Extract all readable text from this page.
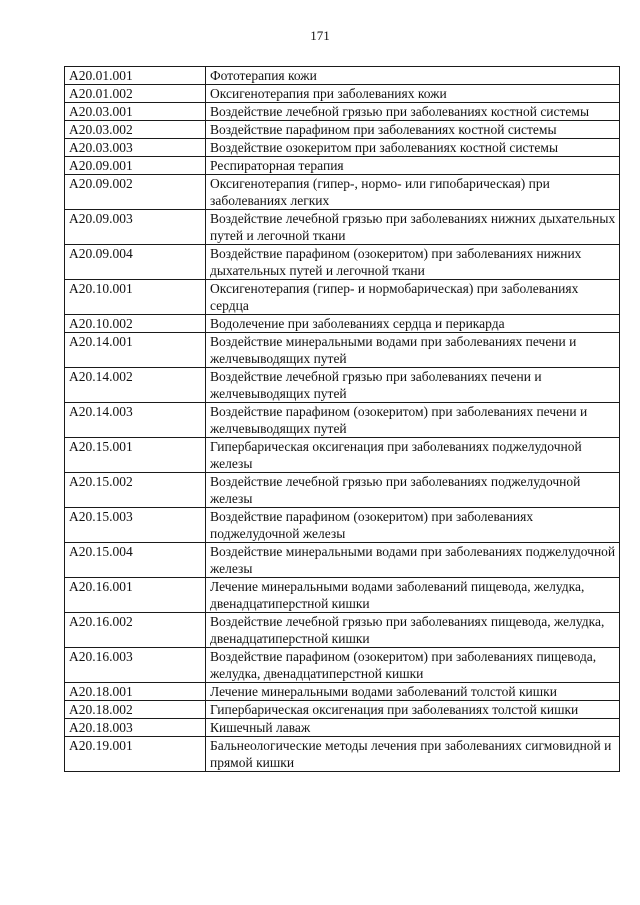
171
A20.01.001	Фототерапия кожи
A20.01.002	Оксигенотерапия при заболеваниях кожи
A20.03.001	Воздействие лечебной грязью при заболеваниях костной системы
A20.03.002	Воздействие парафином при заболеваниях костной системы
A20.03.003	Воздействие озокеритом при заболеваниях костной системы
A20.09.001	Респираторная терапия
A20.09.002	Оксигенотерапия (гипер-, нормо- или гипобарическая) при заболеваниях легких
A20.09.003	Воздействие лечебной грязью при заболеваниях нижних дыхательных путей и легочной ткани
A20.09.004	Воздействие парафином (озокеритом) при заболеваниях нижних дыхательных путей и легочной ткани
A20.10.001	Оксигенотерапия (гипер- и нормобарическая) при заболеваниях сердца
A20.10.002	Водолечение при заболеваниях сердца и перикарда
A20.14.001	Воздействие минеральными водами при заболеваниях печени и желчевыводящих путей
A20.14.002	Воздействие лечебной грязью при заболеваниях печени и желчевыводящих путей
A20.14.003	Воздействие парафином (озокеритом) при заболеваниях печени и желчевыводящих путей
A20.15.001	Гипербарическая оксигенация при заболеваниях поджелудочной железы
A20.15.002	Воздействие лечебной грязью при заболеваниях поджелудочной железы
A20.15.003	Воздействие парафином (озокеритом) при заболеваниях поджелудочной железы
A20.15.004	Воздействие минеральными водами при заболеваниях поджелудочной железы
A20.16.001	Лечение минеральными водами заболеваний пищевода, желудка, двенадцатиперстной кишки
A20.16.002	Воздействие лечебной грязью при заболеваниях пищевода, желудка, двенадцатиперстной кишки
A20.16.003	Воздействие парафином (озокеритом) при заболеваниях пищевода, желудка, двенадцатиперстной кишки
A20.18.001	Лечение минеральными водами заболеваний толстой кишки
A20.18.002	Гипербарическая оксигенация при заболеваниях толстой кишки
A20.18.003	Кишечный лаваж
A20.19.001	Бальнеологические методы лечения при заболеваниях сигмовидной и прямой кишки
